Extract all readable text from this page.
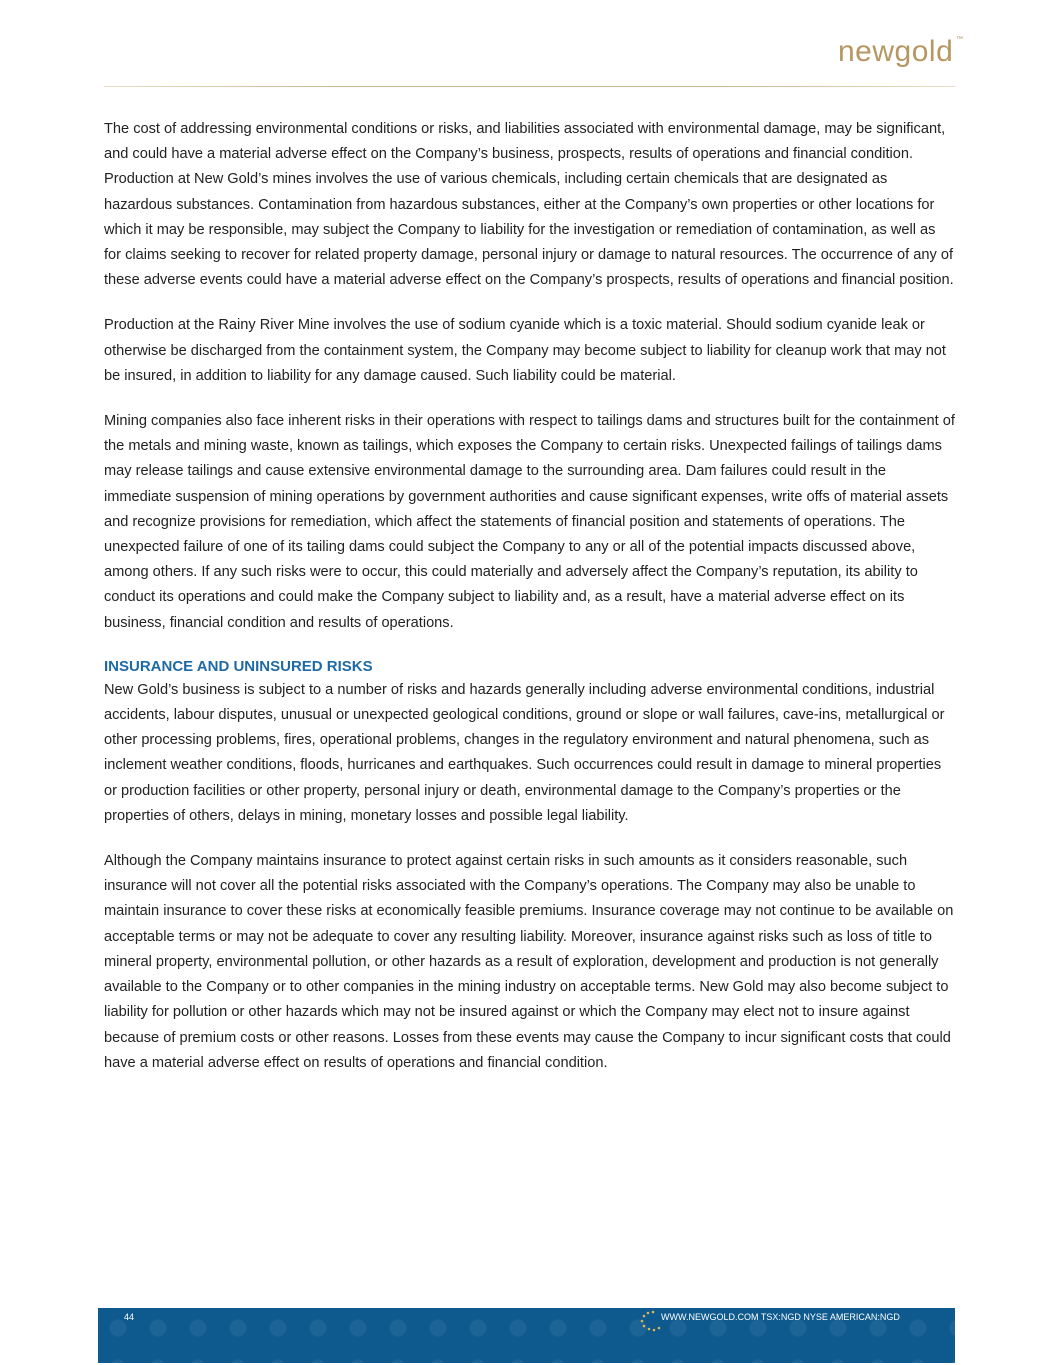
newgold ™

The cost of addressing environmental conditions or risks, and liabilities associated with environmental damage, may be significant, and could have a material adverse effect on the Company’s business, prospects, results of operations and financial condition. Production at New Gold’s mines involves the use of various chemicals, including certain chemicals that are designated as hazardous substances. Contamination from hazardous substances, either at the Company’s own properties or other locations for which it may be responsible, may subject the Company to liability for the investigation or remediation of contamination, as well as for claims seeking to recover for related property damage, personal injury or damage to natural resources. The occurrence of any of these adverse events could have a material adverse effect on the Company’s prospects, results of operations and financial position.

Production at the Rainy River Mine involves the use of sodium cyanide which is a toxic material. Should sodium cyanide leak or otherwise be discharged from the containment system, the Company may become subject to liability for cleanup work that may not be insured, in addition to liability for any damage caused. Such liability could be material.

Mining companies also face inherent risks in their operations with respect to tailings dams and structures built for the containment of the metals and mining waste, known as tailings, which exposes the Company to certain risks. Unexpected failings of tailings dams may release tailings and cause extensive environmental damage to the surrounding area. Dam failures could result in the immediate suspension of mining operations by government authorities and cause significant expenses, write offs of material assets and recognize provisions for remediation, which affect the statements of financial position and statements of operations. The unexpected failure of one of its tailing dams could subject the Company to any or all of the potential impacts discussed above, among others. If any such risks were to occur, this could materially and adversely affect the Company’s reputation, its ability to conduct its operations and could make the Company subject to liability and, as a result, have a material adverse effect on its business, financial condition and results of operations.

INSURANCE AND UNINSURED RISKS

New Gold’s business is subject to a number of risks and hazards generally including adverse environmental conditions, industrial accidents, labour disputes, unusual or unexpected geological conditions, ground or slope or wall failures, cave-ins, metallurgical or other processing problems, fires, operational problems, changes in the regulatory environment and natural phenomena, such as inclement weather conditions, floods, hurricanes and earthquakes. Such occurrences could result in damage to mineral properties or production facilities or other property, personal injury or death, environmental damage to the Company’s properties or the properties of others, delays in mining, monetary losses and possible legal liability.

Although the Company maintains insurance to protect against certain risks in such amounts as it considers reasonable, such insurance will not cover all the potential risks associated with the Company’s operations. The Company may also be unable to maintain insurance to cover these risks at economically feasible premiums. Insurance coverage may not continue to be available on acceptable terms or may not be adequate to cover any resulting liability. Moreover, insurance against risks such as loss of title to mineral property, environmental pollution, or other hazards as a result of exploration, development and production is not generally available to the Company or to other companies in the mining industry on acceptable terms. New Gold may also become subject to liability for pollution or other hazards which may not be insured against or which the Company may elect not to insure against because of premium costs or other reasons. Losses from these events may cause the Company to incur significant costs that could have a material adverse effect on results of operations and financial condition.

44	WWW.NEWGOLD.COM TSX:NGD NYSE AMERICAN:NGD
